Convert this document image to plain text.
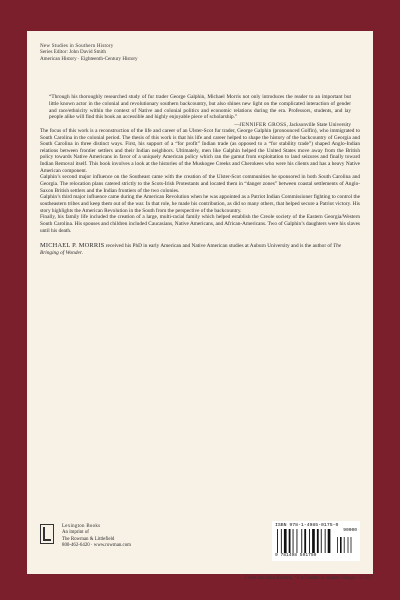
New Studies in Southern History
Series Editor: John David Smith
American History · Eighteenth-Century History
“Through his thoroughly researched study of fur trader George Galphin, Michael Morris not only introduces the reader to an important but little known actor in the colonial and revolutionary southern backcountry, but also shines new light on the complicated interaction of gender and race/ethnicity within the context of Native and colonial politics and economic relations during the era. Professors, students, and lay people alike will find this book an accessible and highly enjoyable piece of scholarship.”
—JENNIFER GROSS, Jacksonville State University

The focus of this work is a reconstruction of the life and career of an Ulster-Scot fur trader, George Galphin (pronounced Golfin), who immigrated to South Carolina in the colonial period. The thesis of this work is that his life and career helped to shape the history of the backcountry of Georgia and South Carolina in three distinct ways. First, his support of a “for profit” Indian trade (as opposed to a “for stability trade”) shaped Anglo-Indian relations between frontier settlers and their Indian neighbors. Ultimately, men like Galphin helped the United States move away from the British policy towards Native Americans in favor of a uniquely American policy which ran the gamut from exploitation to land seizures and finally toward Indian Removal itself. This book involves a look at the histories of the Muskogee Creeks and Cherokees who were his clients and has a heavy Native American component.

Galphin’s second major influence on the Southeast came with the creation of the Ulster-Scot communities he sponsored in both South Carolina and Georgia. The relocation plans catered strictly to the Scots-Irish Protestants and located them in “danger zones” between coastal settlements of Anglo-Saxon British settlers and the Indian frontiers of the two colonies.

Galphin’s third major influence came during the American Revolution when he was appointed as a Patriot Indian Commissioner fighting to control the southeastern tribes and keep them out of the war. In that role, he made his contribution, as did so many others, that helped secure a Patriot victory. His story highlights the American Revolution in the South from the perspective of the backcountry.

Finally, his family life included the creation of a large, multi-racial family which helped establish the Creole society of the Eastern Georgia/Western South Carolina. His spouses and children included Caucasians, Native Americans, and African-Americans. Two of Galphin’s daughters were his slaves until his death.

MICHAEL P. MORRIS received his PhD in early American and Native American studies at Auburn University and is the author of The Bringing of Wonder.
Lexington Books
An imprint of
The Rowman & Littlefield
800-462-6420 · www.rowman.com
ISBN 978-1-4985-0175-0
9 781498 501750
90000
Cover art: John Kollock, “Fur Traders at Soquee Village – 1750.”
